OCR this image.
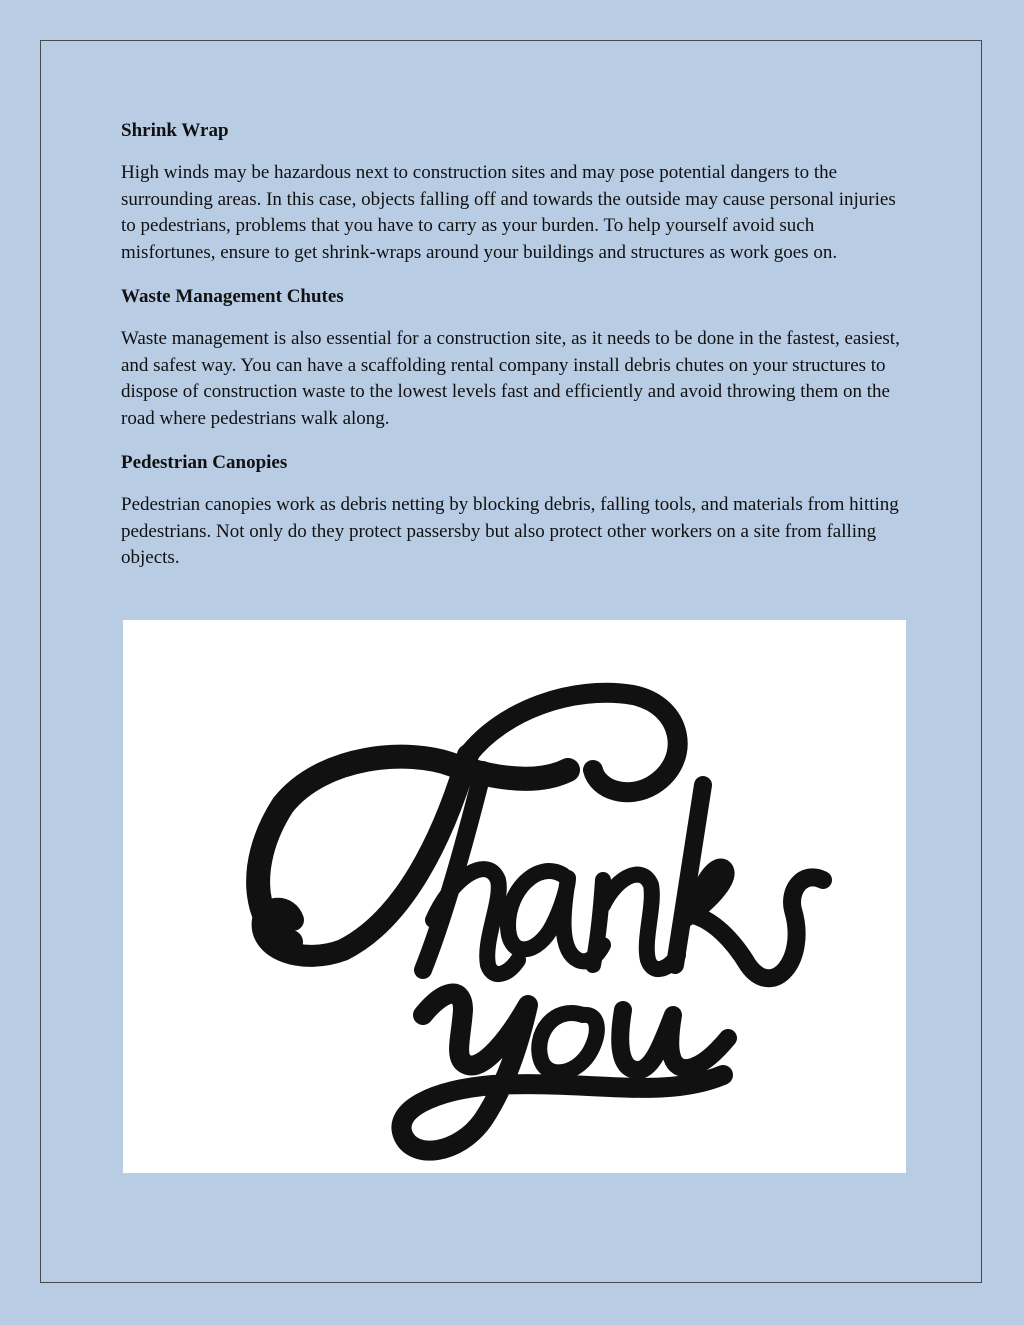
Shrink Wrap

High winds may be hazardous next to construction sites and may pose potential dangers to the surrounding areas. In this case, objects falling off and towards the outside may cause personal injuries to pedestrians, problems that you have to carry as your burden. To help yourself avoid such misfortunes, ensure to get shrink-wraps around your buildings and structures as work goes on.

Waste Management Chutes

Waste management is also essential for a construction site, as it needs to be done in the fastest, easiest, and safest way. You can have a scaffolding rental company install debris chutes on your structures to dispose of construction waste to the lowest levels fast and efficiently and avoid throwing them on the road where pedestrians walk along.

Pedestrian Canopies

Pedestrian canopies work as debris netting by blocking debris, falling tools, and materials from hitting pedestrians. Not only do they protect passersby but also protect other workers on a site from falling objects.
